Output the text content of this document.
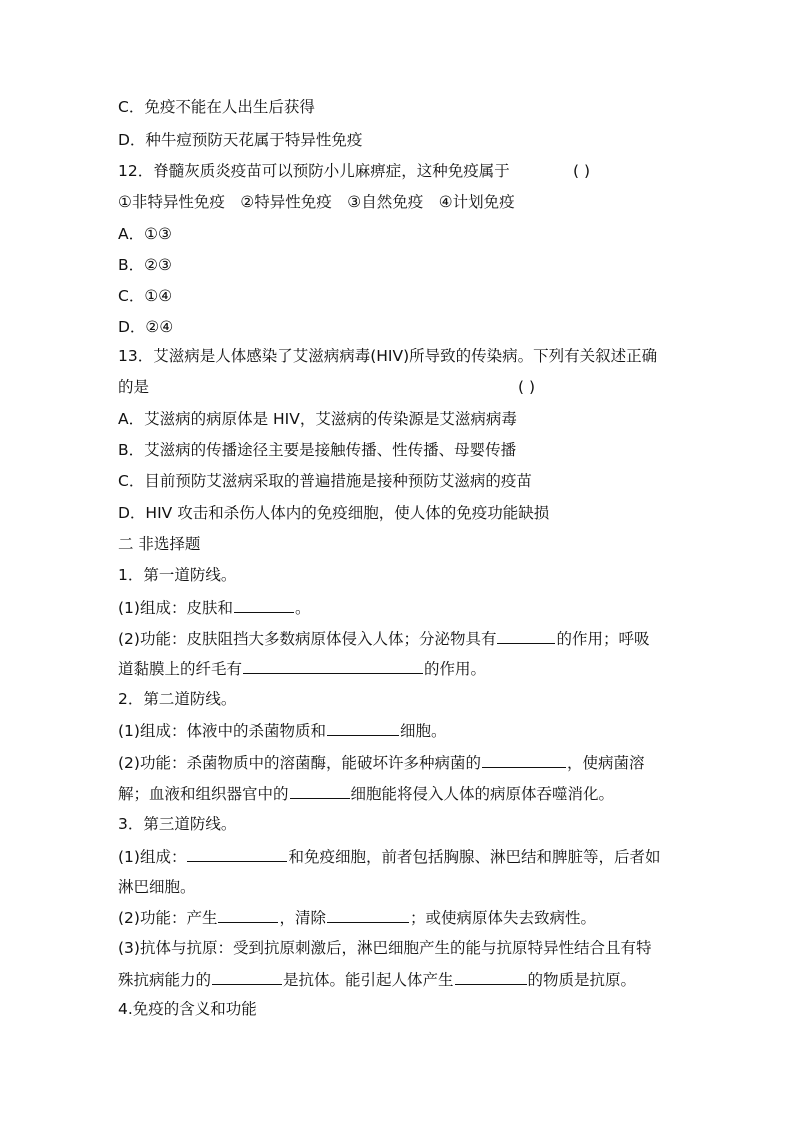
C．免疫不能在人出生后获得
D．种牛痘预防天花属于特异性免疫
12．脊髓灰质炎疫苗可以预防小儿麻痹症，这种免疫属于	( )
①非特异性免疫　②特异性免疫　③自然免疫　④计划免疫
A．①③
B．②③
C．①④
D．②④
13．艾滋病是人体感染了艾滋病病毒(HIV)所导致的传染病。下列有关叙述正确
的是	( )
A．艾滋病的病原体是 HIV，艾滋病的传染源是艾滋病病毒
B．艾滋病的传播途径主要是接触传播、性传播、母婴传播
C．目前预防艾滋病采取的普遍措施是接种预防艾滋病的疫苗
D．HIV 攻击和杀伤人体内的免疫细胞，使人体的免疫功能缺损
二 非选择题
1．第一道防线。
(1)组成：皮肤和	。
(2)功能：皮肤阻挡大多数病原体侵入人体；分泌物具有	的作用；呼吸
道黏膜上的纤毛有	的作用。
2．第二道防线。
(1)组成：体液中的杀菌物质和	细胞。
(2)功能：杀菌物质中的溶菌酶，能破坏许多种病菌的	，使病菌溶
解；血液和组织器官中的	细胞能将侵入人体的病原体吞噬消化。
3．第三道防线。
(1)组成：	和免疫细胞，前者包括胸腺、淋巴结和脾脏等，后者如
淋巴细胞。
(2)功能：产生	，清除	；或使病原体失去致病性。
(3)抗体与抗原：受到抗原刺激后，淋巴细胞产生的能与抗原特异性结合且有特
殊抗病能力的	是抗体。能引起人体产生	的物质是抗原。
4.免疫的含义和功能
